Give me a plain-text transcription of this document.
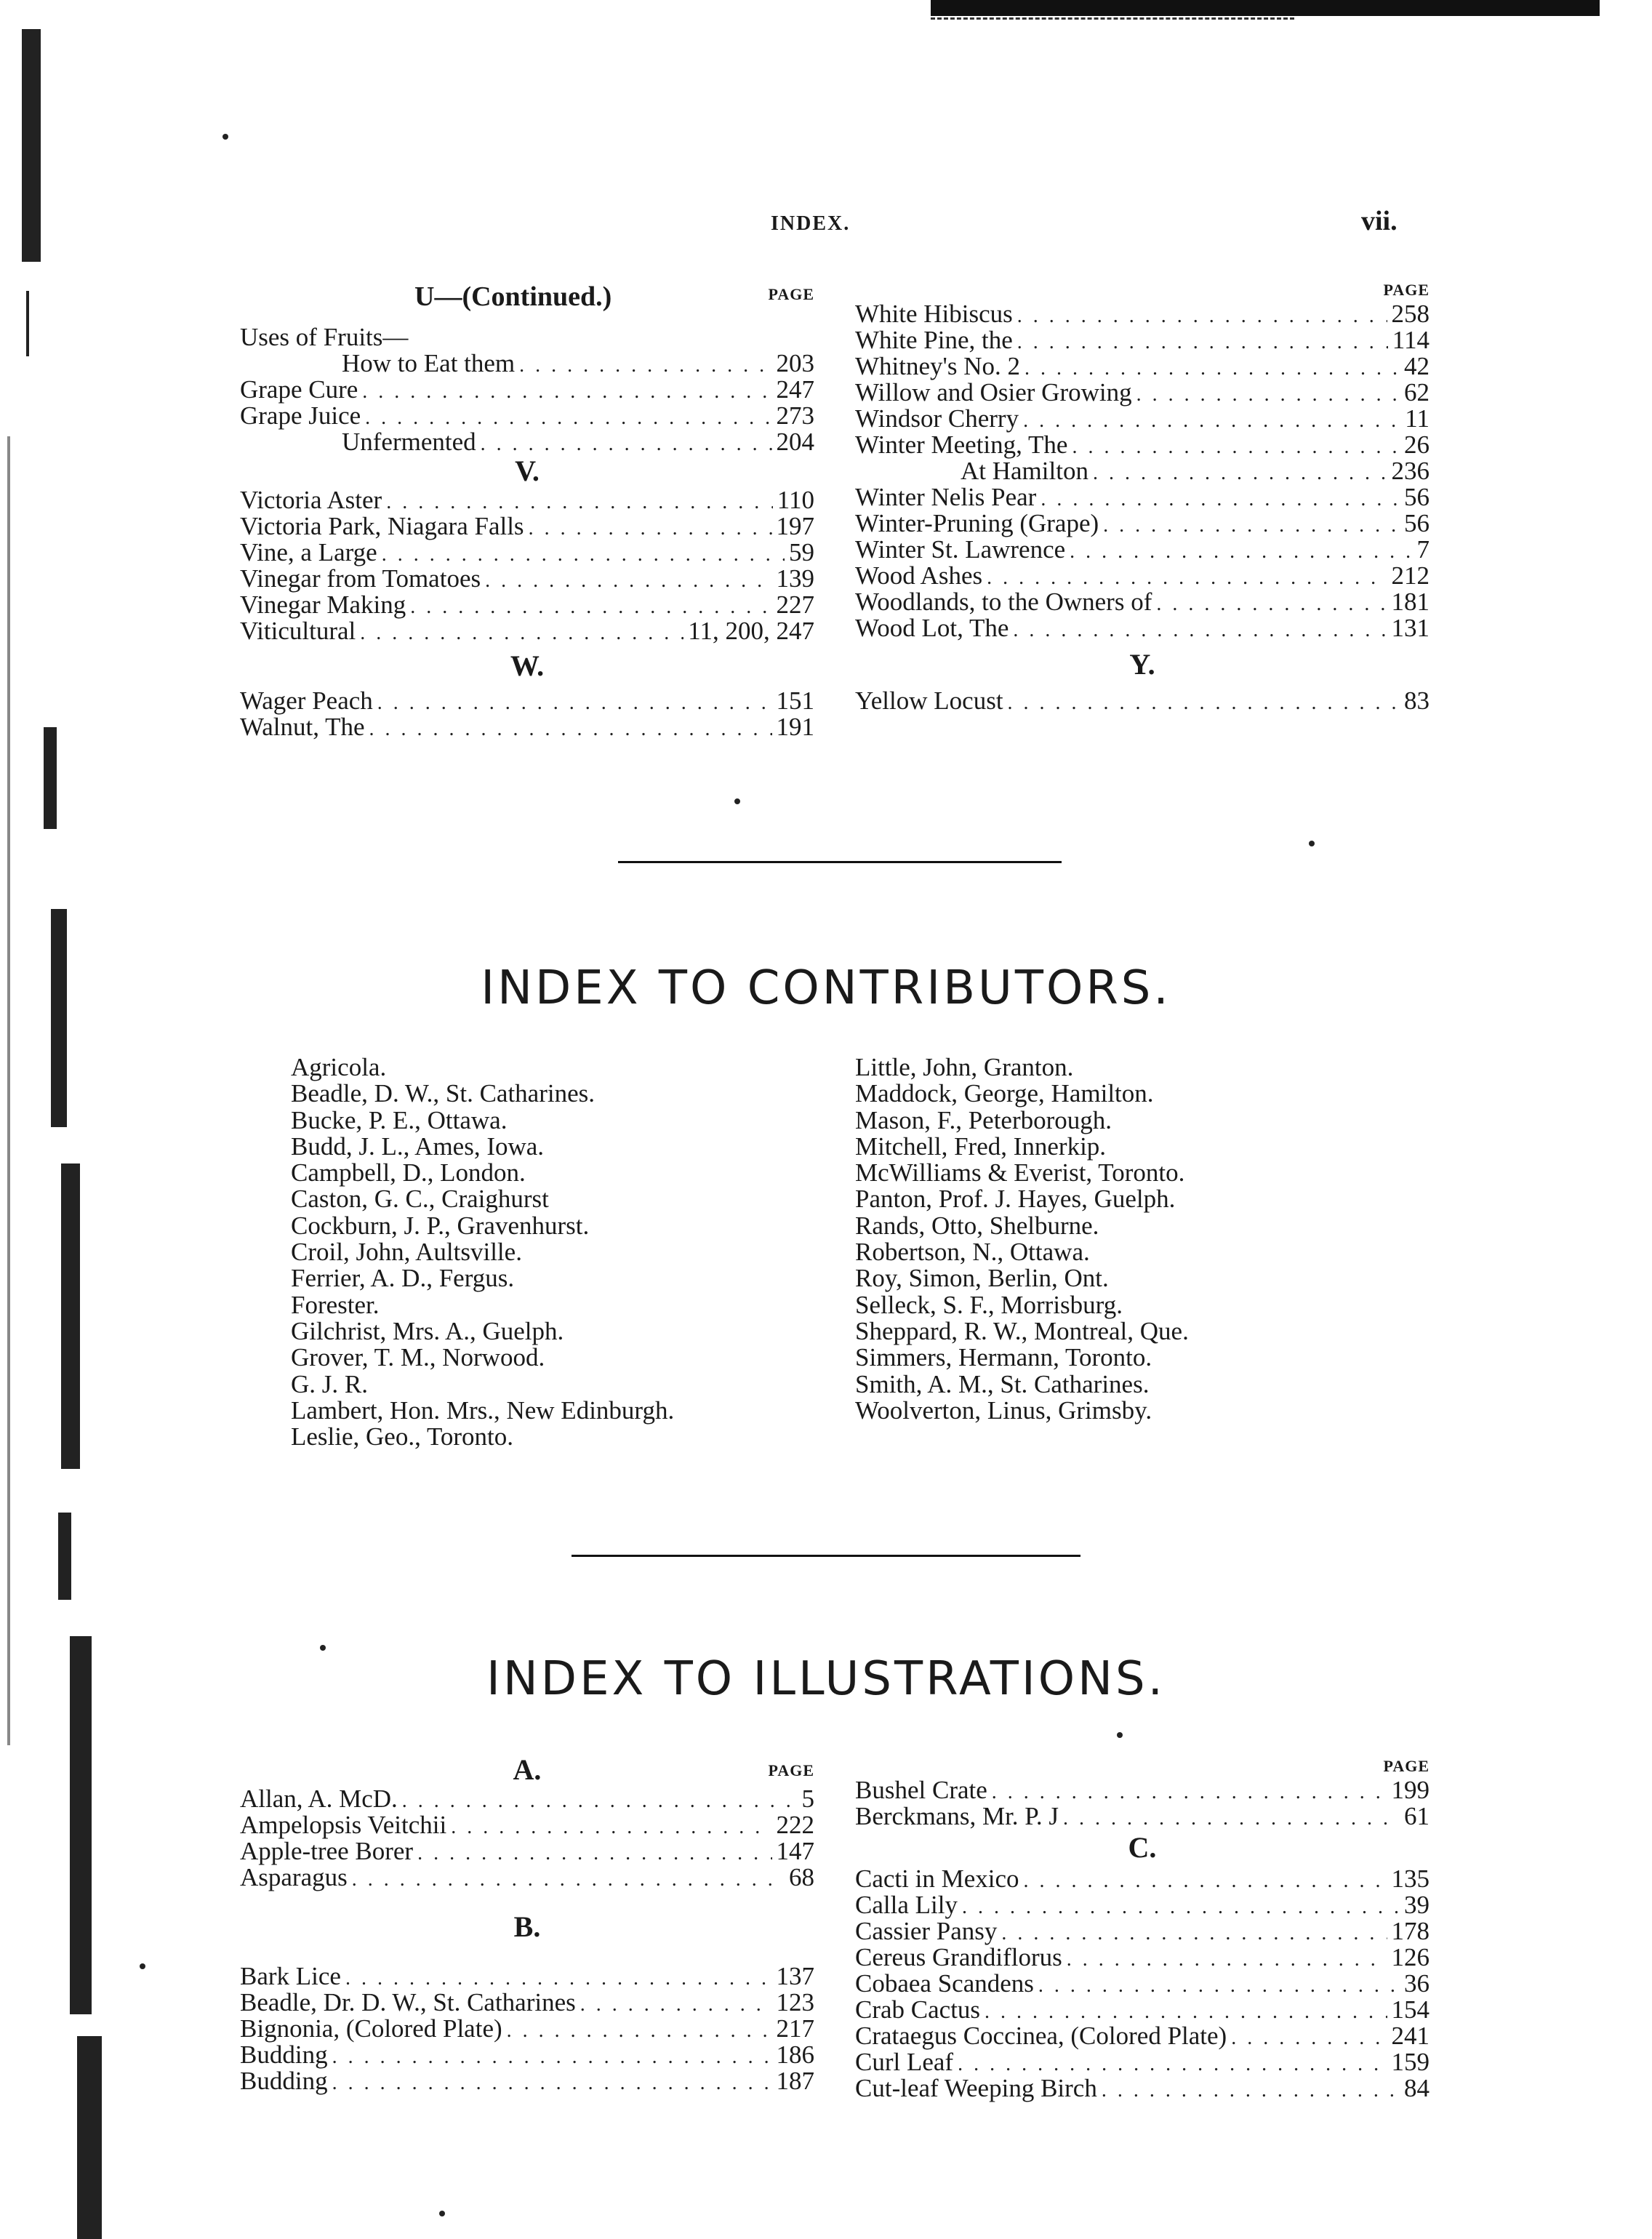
INDEX.	vii.
U—(Continued.)	PAGE
Uses of Fruits—
How to Eat them . . .	203
Grape Cure . . .	247
Grape Juice . . .	273
Unfermented . . .	204
V.
Victoria Aster . . .	110
Victoria Park, Niagara Falls . . .	197
Vine, a Large . . .	59
Vinegar from Tomatoes . . .	139
Vinegar Making . . .	227
Viticultural . . .	11, 200, 247
W.
Wager Peach . . .	151
Walnut, The . . .	191
PAGE
White Hibiscus . . .	258
White Pine, the . . .	114
Whitney's No. 2 . . .	42
Willow and Osier Growing . . .	62
Windsor Cherry . . .	11
Winter Meeting, The . . .	26
At Hamilton . . .	236
Winter Nelis Pear . . .	56
Winter-Pruning (Grape) . . .	56
Winter St. Lawrence . . .	7
Wood Ashes . . .	212
Woodlands, to the Owners of . . .	181
Wood Lot, The . . .	131
Y.
Yellow Locust . . .	83
INDEX TO CONTRIBUTORS.
Agricola.
Beadle, D. W., St. Catharines.
Bucke, P. E., Ottawa.
Budd, J. L., Ames, Iowa.
Campbell, D., London.
Caston, G. C., Craighurst
Cockburn, J. P., Gravenhurst.
Croil, John, Aultsville.
Ferrier, A. D., Fergus.
Forester.
Gilchrist, Mrs. A., Guelph.
Grover, T. M., Norwood.
G. J. R.
Lambert, Hon. Mrs., New Edinburgh.
Leslie, Geo., Toronto.
Little, John, Granton.
Maddock, George, Hamilton.
Mason, F., Peterborough.
Mitchell, Fred, Innerkip.
McWilliams & Everist, Toronto.
Panton, Prof. J. Hayes, Guelph.
Rands, Otto, Shelburne.
Robertson, N., Ottawa.
Roy, Simon, Berlin, Ont.
Selleck, S. F., Morrisburg.
Sheppard, R. W., Montreal, Que.
Simmers, Hermann, Toronto.
Smith, A. M., St. Catharines.
Woolverton, Linus, Grimsby.
INDEX TO ILLUSTRATIONS.
A.	PAGE
Allan, A. McD. . . .	5
Ampelopsis Veitchii . . .	222
Apple-tree Borer . . .	147
Asparagus . . .	68
B.
Bark Lice . . .	137
Beadle, Dr. D. W., St. Catharines . . .	123
Bignonia, (Colored Plate) . . .	217
Budding . . .	186
Budding . . .	187
PAGE
Bushel Crate . . .	199
Berckmans, Mr. P. J . . .	61
C.
Cacti in Mexico . . .	135
Calla Lily . . .	39
Cassier Pansy . . .	178
Cereus Grandiflorus . . .	126
Cobaea Scandens . . .	36
Crab Cactus . . .	154
Crataegus Coccinea, (Colored Plate) . . .	241
Curl Leaf . . .	159
Cut-leaf Weeping Birch . . .	84
